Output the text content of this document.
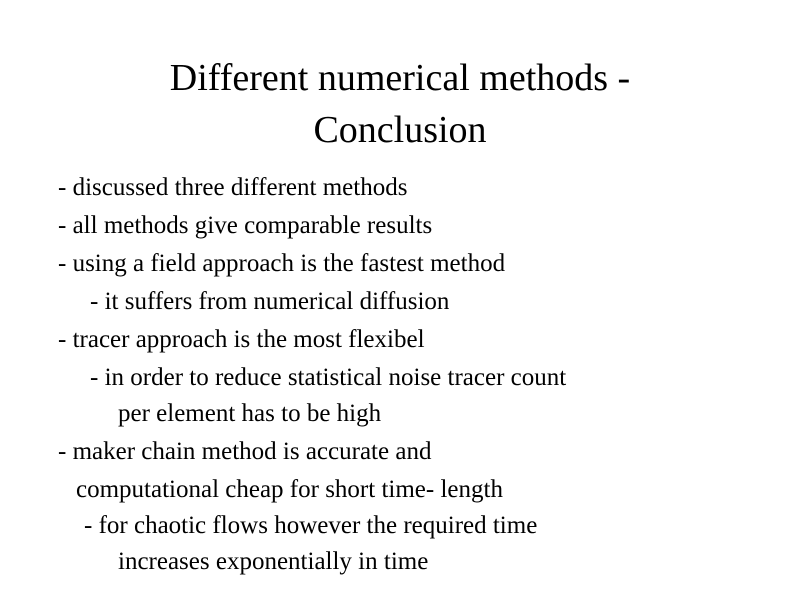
Different numerical methods -
Conclusion
- discussed three different methods
- all methods give comparable results
- using a field approach is the fastest method
- it suffers from numerical diffusion
- tracer approach is the most flexibel
- in order to reduce statistical noise tracer count
per element has to be high
- maker chain method is accurate and
computational cheap for short time- length
- for chaotic flows however the required time
increases exponentially in time
